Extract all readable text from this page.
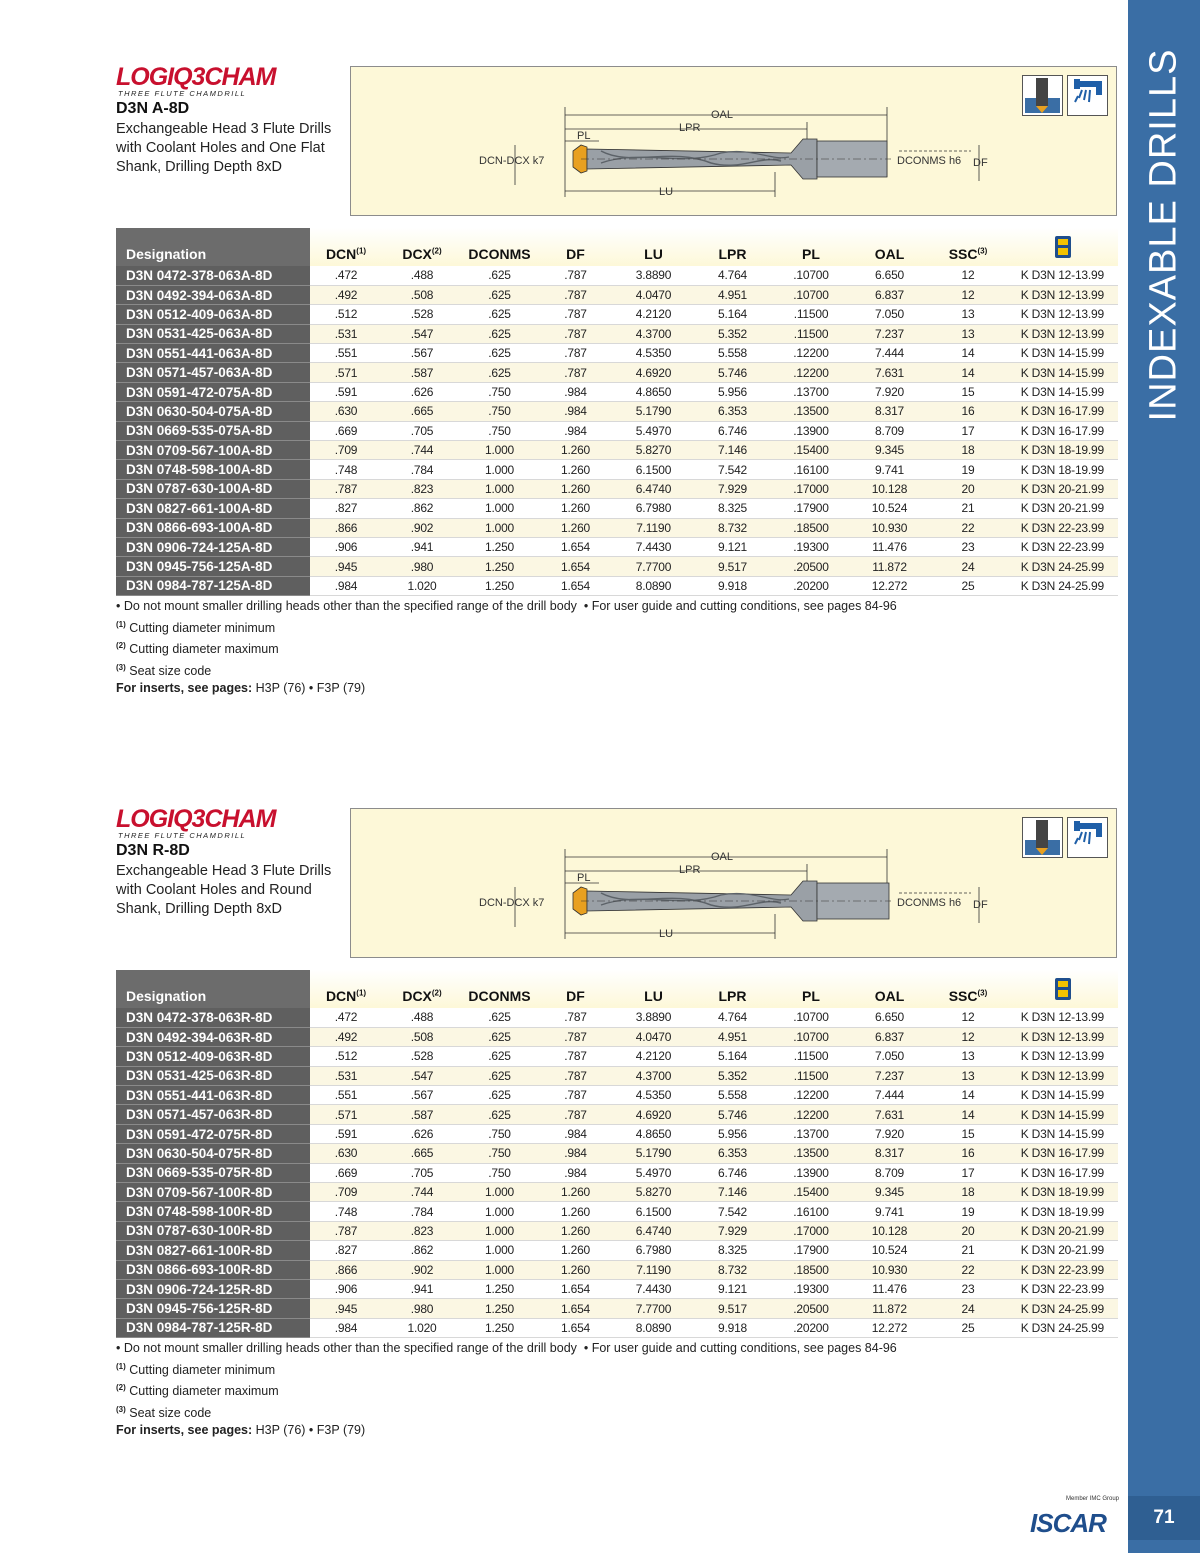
INDEXABLE DRILLS
LOGIQ3CHAM
THREE FLUTE CHAMDRILL
D3N A-8D
Exchangeable Head 3 Flute Drills with Coolant Holes and One Flat Shank, Drilling Depth 8xD
OAL
LPR
PL
LU
DCN-DCX k7	DCONMS h6 DF
Designation	DCN$^{(1)}$	DCX$^{(2)}$	DCONMS	DF	LU	LPR	PL	OAL	SSC$^{(3)}$	
D3N 0472-378-063A-8D	.472	.488	.625	.787	3.8890	4.764	.10700	6.650	12	K D3N 12-13.99
D3N 0492-394-063A-8D	.492	.508	.625	.787	4.0470	4.951	.10700	6.837	12	K D3N 12-13.99
D3N 0512-409-063A-8D	.512	.528	.625	.787	4.2120	5.164	.11500	7.050	13	K D3N 12-13.99
D3N 0531-425-063A-8D	.531	.547	.625	.787	4.3700	5.352	.11500	7.237	13	K D3N 12-13.99
D3N 0551-441-063A-8D	.551	.567	.625	.787	4.5350	5.558	.12200	7.444	14	K D3N 14-15.99
D3N 0571-457-063A-8D	.571	.587	.625	.787	4.6920	5.746	.12200	7.631	14	K D3N 14-15.99
D3N 0591-472-075A-8D	.591	.626	.750	.984	4.8650	5.956	.13700	7.920	15	K D3N 14-15.99
D3N 0630-504-075A-8D	.630	.665	.750	.984	5.1790	6.353	.13500	8.317	16	K D3N 16-17.99
D3N 0669-535-075A-8D	.669	.705	.750	.984	5.4970	6.746	.13900	8.709	17	K D3N 16-17.99
D3N 0709-567-100A-8D	.709	.744	1.000	1.260	5.8270	7.146	.15400	9.345	18	K D3N 18-19.99
D3N 0748-598-100A-8D	.748	.784	1.000	1.260	6.1500	7.542	.16100	9.741	19	K D3N 18-19.99
D3N 0787-630-100A-8D	.787	.823	1.000	1.260	6.4740	7.929	.17000	10.128	20	K D3N 20-21.99
D3N 0827-661-100A-8D	.827	.862	1.000	1.260	6.7980	8.325	.17900	10.524	21	K D3N 20-21.99
D3N 0866-693-100A-8D	.866	.902	1.000	1.260	7.1190	8.732	.18500	10.930	22	K D3N 22-23.99
D3N 0906-724-125A-8D	.906	.941	1.250	1.654	7.4430	9.121	.19300	11.476	23	K D3N 22-23.99
D3N 0945-756-125A-8D	.945	.980	1.250	1.654	7.7700	9.517	.20500	11.872	24	K D3N 24-25.99
D3N 0984-787-125A-8D	.984	1.020	1.250	1.654	8.0890	9.918	.20200	12.272	25	K D3N 24-25.99
• Do not mount smaller drilling heads other than the specified range of the drill body  • For user guide and cutting conditions, see pages 84-96
$^{(1)}$ Cutting diameter minimum
$^{(2)}$ Cutting diameter maximum
$^{(3)}$ Seat size code
For inserts, see pages: H3P (76) • F3P (79)
LOGIQ3CHAM
THREE FLUTE CHAMDRILL
D3N R-8D
Exchangeable Head 3 Flute Drills with Coolant Holes and Round Shank, Drilling Depth 8xD
OAL
LPR
PL
LU
DCN-DCX k7	DCONMS h6 DF
Designation	DCN$^{(1)}$	DCX$^{(2)}$	DCONMS	DF	LU	LPR	PL	OAL	SSC$^{(3)}$	
D3N 0472-378-063R-8D	.472	.488	.625	.787	3.8890	4.764	.10700	6.650	12	K D3N 12-13.99
D3N 0492-394-063R-8D	.492	.508	.625	.787	4.0470	4.951	.10700	6.837	12	K D3N 12-13.99
D3N 0512-409-063R-8D	.512	.528	.625	.787	4.2120	5.164	.11500	7.050	13	K D3N 12-13.99
D3N 0531-425-063R-8D	.531	.547	.625	.787	4.3700	5.352	.11500	7.237	13	K D3N 12-13.99
D3N 0551-441-063R-8D	.551	.567	.625	.787	4.5350	5.558	.12200	7.444	14	K D3N 14-15.99
D3N 0571-457-063R-8D	.571	.587	.625	.787	4.6920	5.746	.12200	7.631	14	K D3N 14-15.99
D3N 0591-472-075R-8D	.591	.626	.750	.984	4.8650	5.956	.13700	7.920	15	K D3N 14-15.99
D3N 0630-504-075R-8D	.630	.665	.750	.984	5.1790	6.353	.13500	8.317	16	K D3N 16-17.99
D3N 0669-535-075R-8D	.669	.705	.750	.984	5.4970	6.746	.13900	8.709	17	K D3N 16-17.99
D3N 0709-567-100R-8D	.709	.744	1.000	1.260	5.8270	7.146	.15400	9.345	18	K D3N 18-19.99
D3N 0748-598-100R-8D	.748	.784	1.000	1.260	6.1500	7.542	.16100	9.741	19	K D3N 18-19.99
D3N 0787-630-100R-8D	.787	.823	1.000	1.260	6.4740	7.929	.17000	10.128	20	K D3N 20-21.99
D3N 0827-661-100R-8D	.827	.862	1.000	1.260	6.7980	8.325	.17900	10.524	21	K D3N 20-21.99
D3N 0866-693-100R-8D	.866	.902	1.000	1.260	7.1190	8.732	.18500	10.930	22	K D3N 22-23.99
D3N 0906-724-125R-8D	.906	.941	1.250	1.654	7.4430	9.121	.19300	11.476	23	K D3N 22-23.99
D3N 0945-756-125R-8D	.945	.980	1.250	1.654	7.7700	9.517	.20500	11.872	24	K D3N 24-25.99
D3N 0984-787-125R-8D	.984	1.020	1.250	1.654	8.0890	9.918	.20200	12.272	25	K D3N 24-25.99
• Do not mount smaller drilling heads other than the specified range of the drill body  • For user guide and cutting conditions, see pages 84-96
$^{(1)}$ Cutting diameter minimum
$^{(2)}$ Cutting diameter maximum
$^{(3)}$ Seat size code
For inserts, see pages: H3P (76) • F3P (79)
Member IMC Group
ISCAR	71
